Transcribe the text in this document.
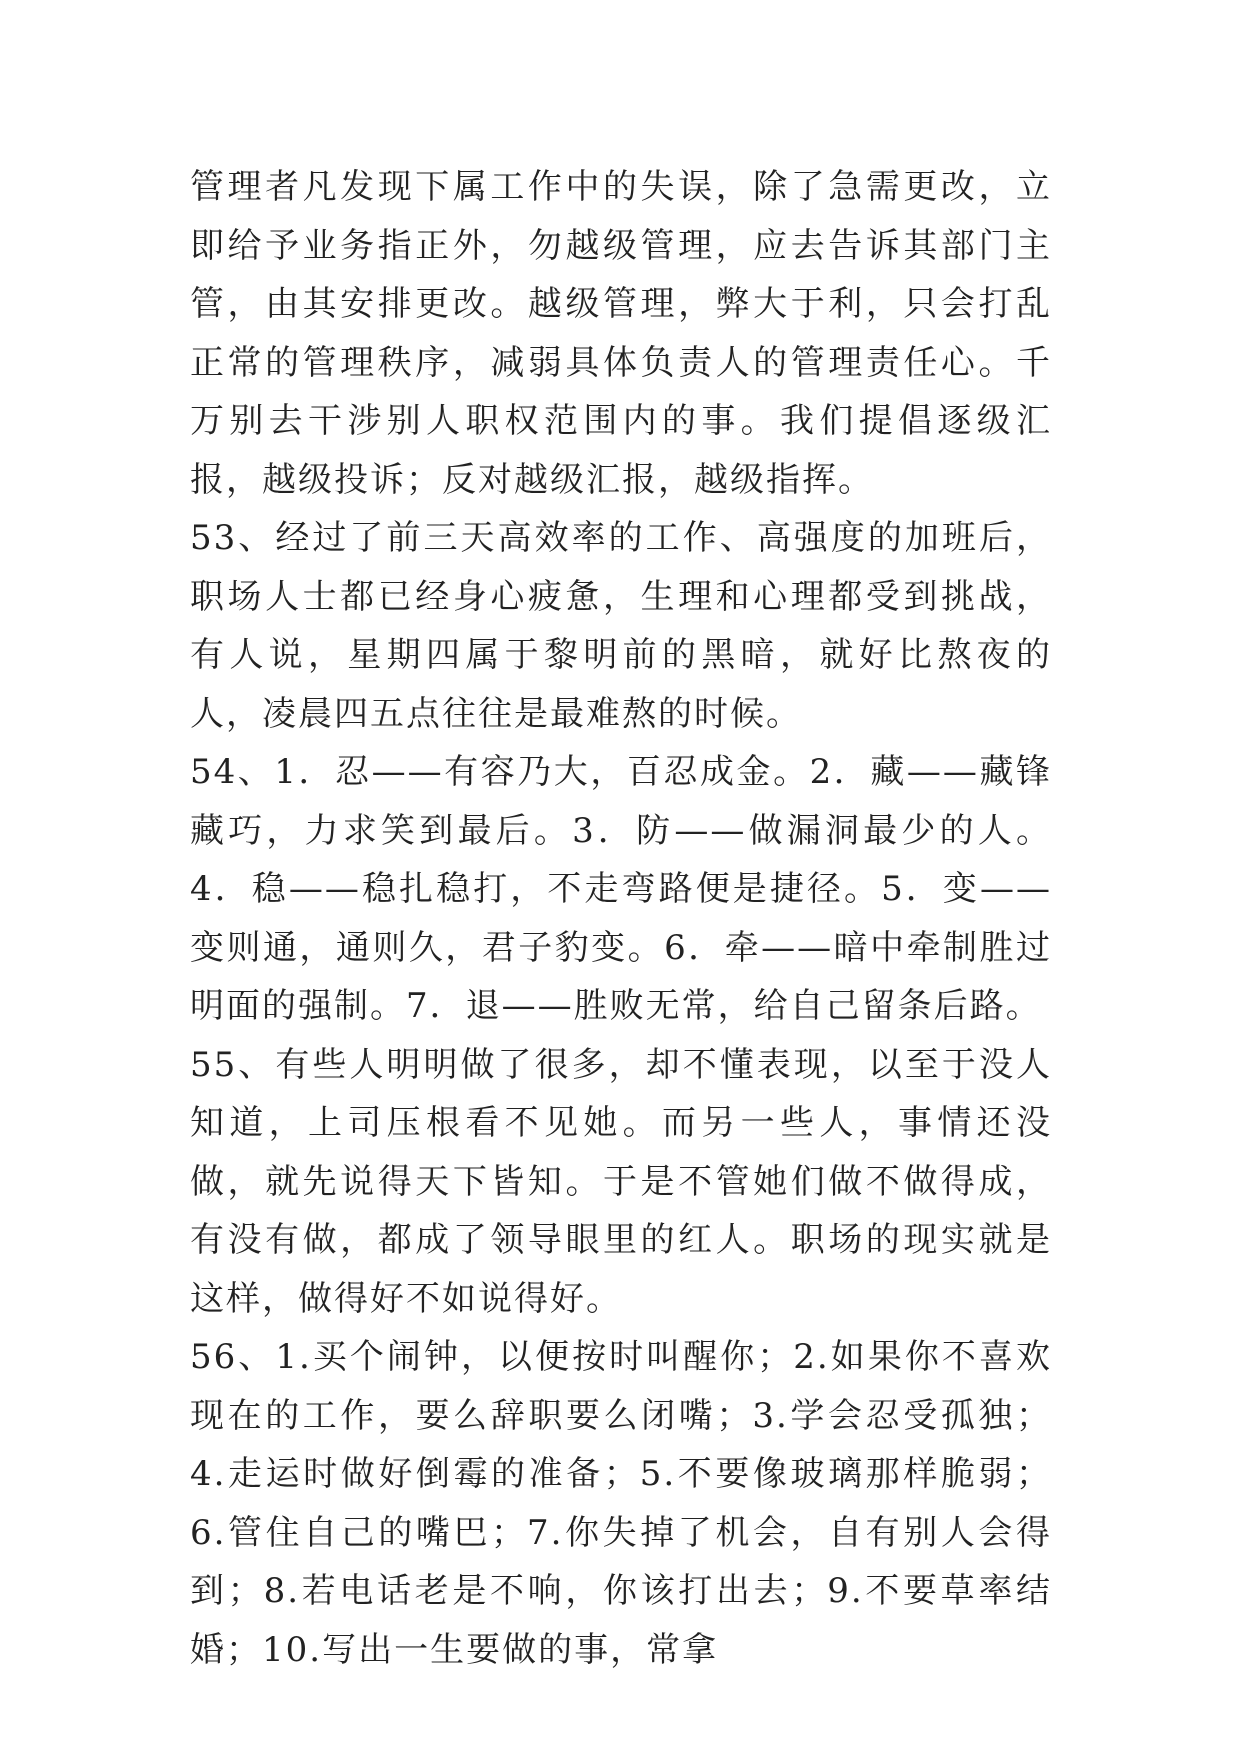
管理者凡发现下属工作中的失误，除了急需更改，立即给予业务指正外，勿越级管理，应去告诉其部门主管，由其安排更改。越级管理，弊大于利，只会打乱正常的管理秩序，减弱具体负责人的管理责任心。千万别去干涉别人职权范围内的事。我们提倡逐级汇报，越级投诉；反对越级汇报，越级指挥。

53、经过了前三天高效率的工作、高强度的加班后，职场人士都已经身心疲惫，生理和心理都受到挑战，有人说，星期四属于黎明前的黑暗，就好比熬夜的人，凌晨四五点往往是最难熬的时候。

54、1．忍——有容乃大，百忍成金。2．藏——藏锋藏巧，力求笑到最后。3．防——做漏洞最少的人。4．稳——稳扎稳打，不走弯路便是捷径。5．变——变则通，通则久，君子豹变。6．牵——暗中牵制胜过明面的强制。7．退——胜败无常，给自己留条后路。

55、有些人明明做了很多，却不懂表现，以至于没人知道，上司压根看不见她。而另一些人，事情还没做，就先说得天下皆知。于是不管她们做不做得成，有没有做，都成了领导眼里的红人。职场的现实就是这样，做得好不如说得好。

56、1.买个闹钟，以便按时叫醒你；2.如果你不喜欢现在的工作，要么辞职要么闭嘴；3.学会忍受孤独；4.走运时做好倒霉的准备；5.不要像玻璃那样脆弱；6.管住自己的嘴巴；7.你失掉了机会，自有别人会得到；8.若电话老是不响，你该打出去；9.不要草率结婚；10.写出一生要做的事，常拿
